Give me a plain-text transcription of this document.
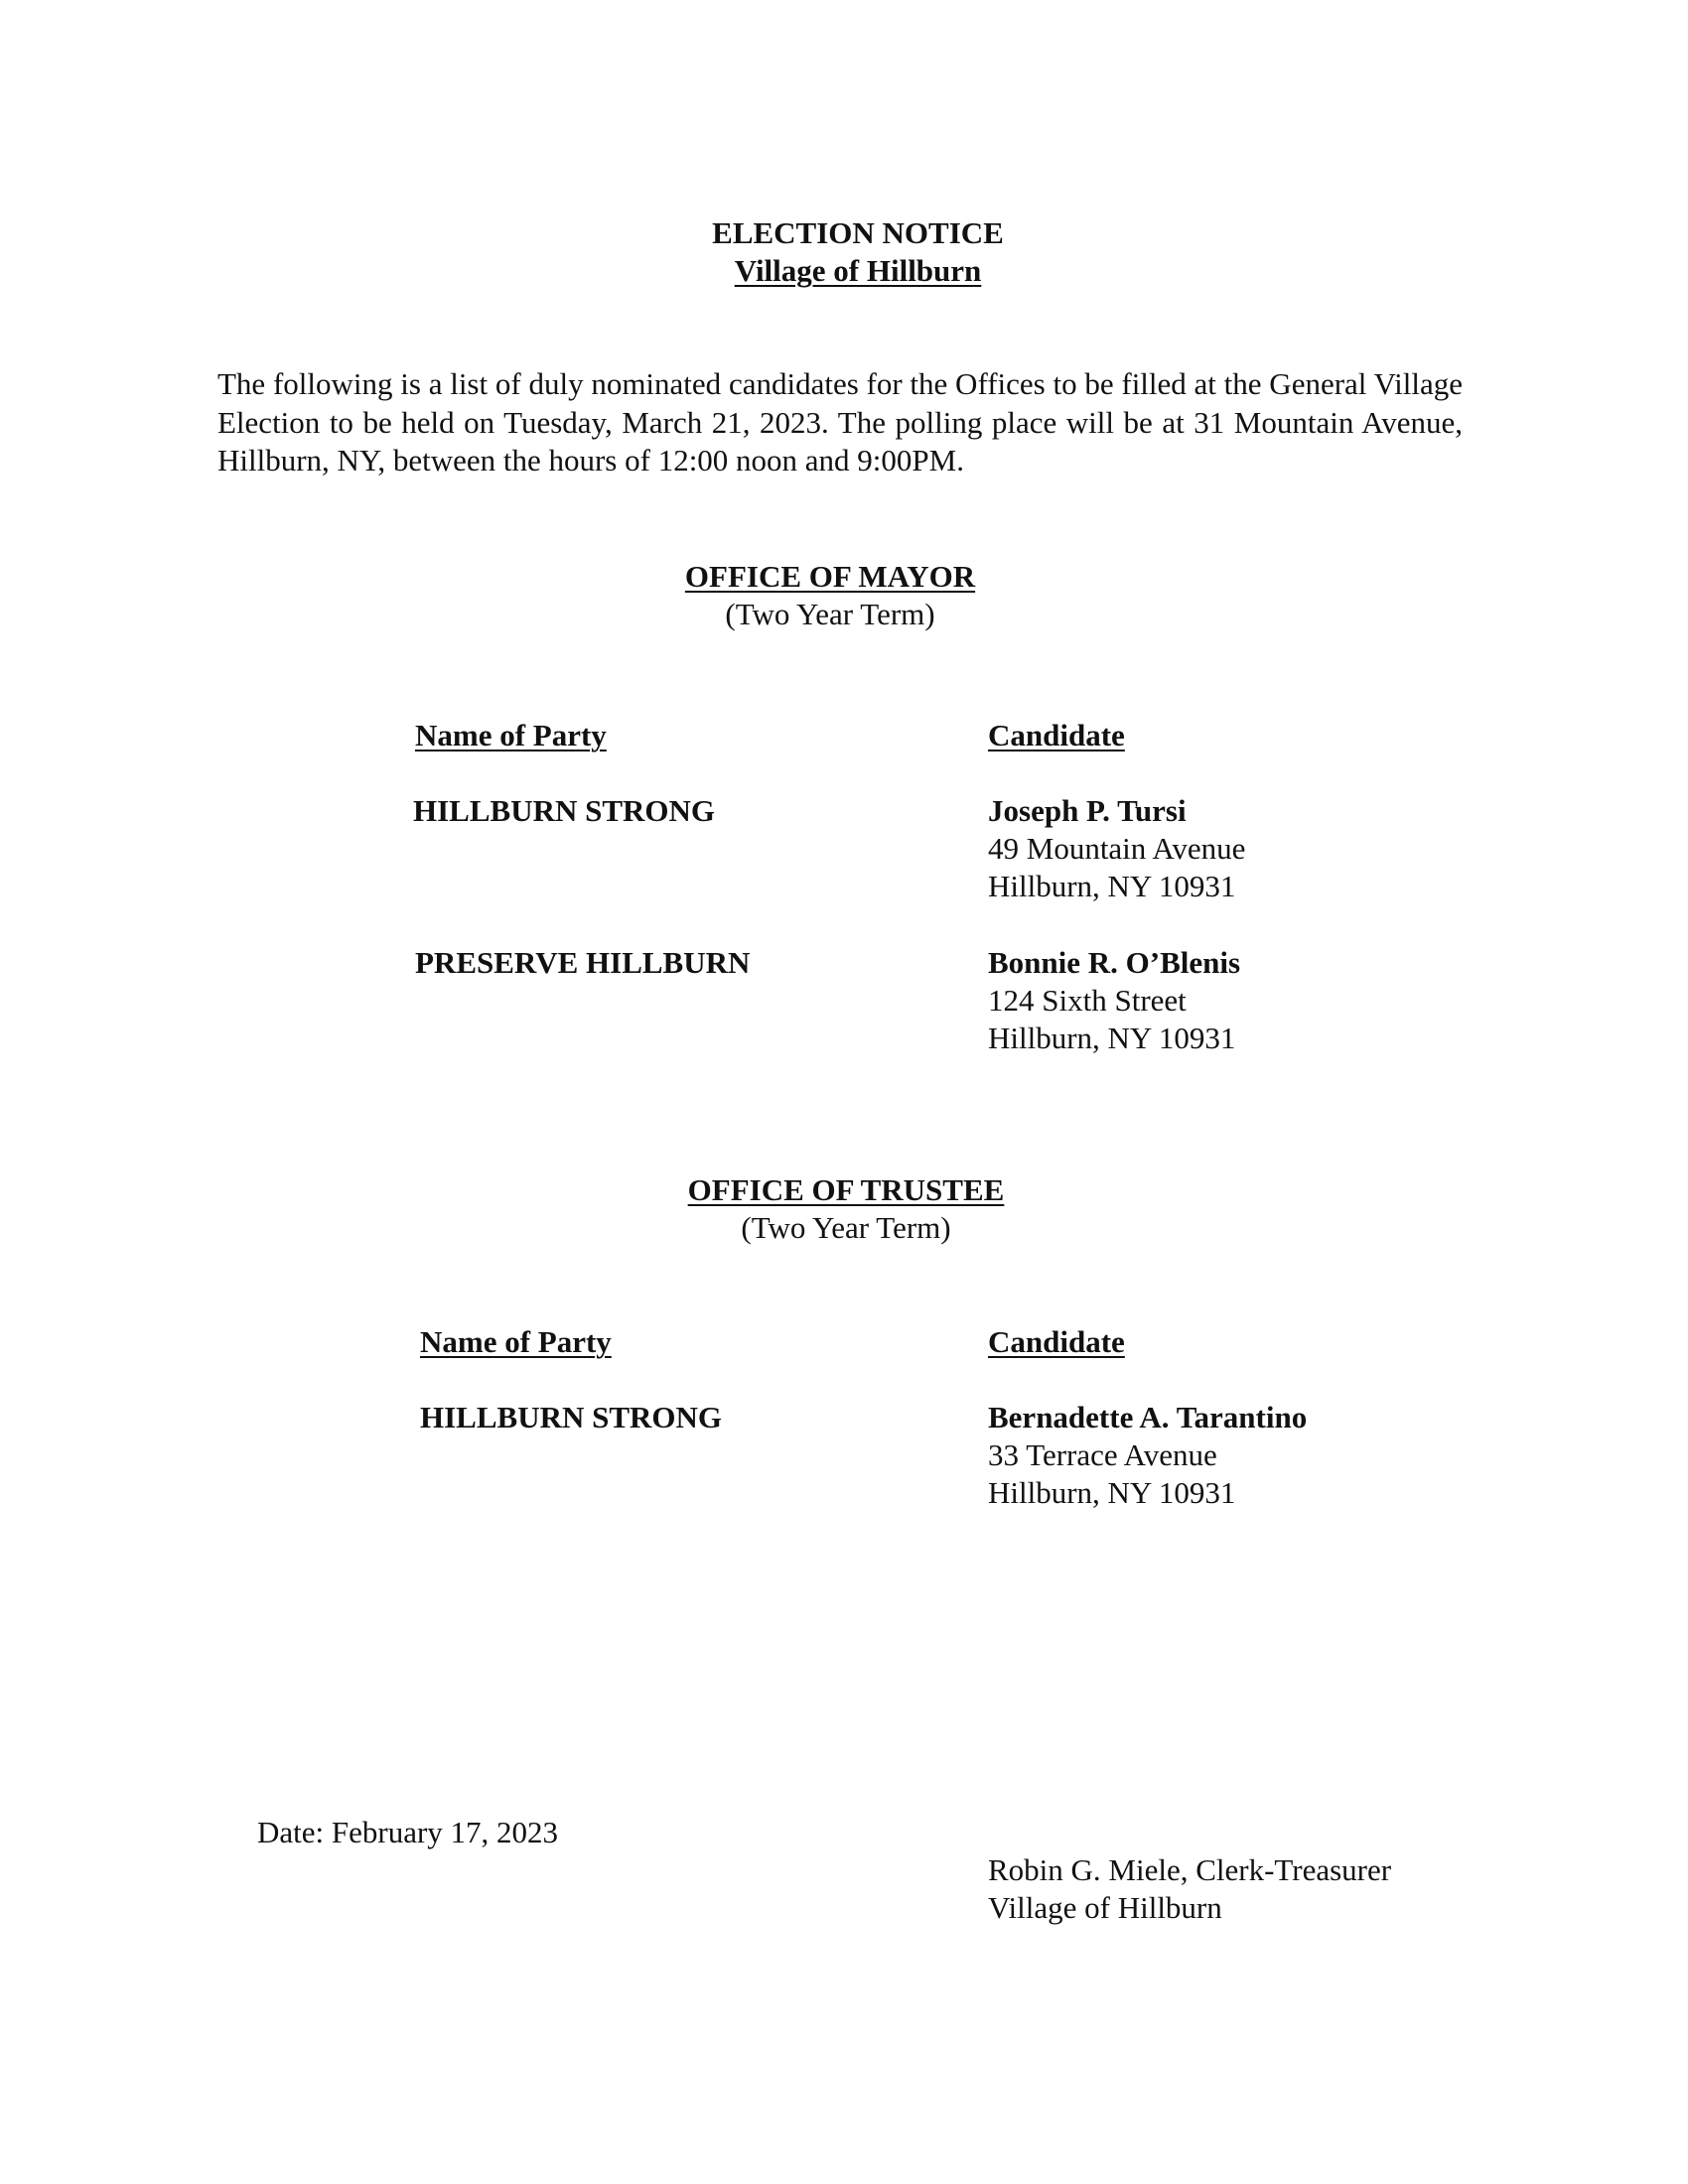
ELECTION NOTICE
Village of Hillburn

The following is a list of duly nominated candidates for the Offices to be filled at the General Village Election to be held on Tuesday, March 21, 2023. The polling place will be at 31 Mountain Avenue, Hillburn, NY, between the hours of 12:00 noon and 9:00PM.

OFFICE OF MAYOR
(Two Year Term)
Name of Party	Candidate
HILLBURN STRONG	Joseph P. Tursi
49 Mountain Avenue
Hillburn, NY 10931
PRESERVE HILLBURN	Bonnie R. O’Blenis
124 Sixth Street
Hillburn, NY 10931
OFFICE OF TRUSTEE
(Two Year Term)
Name of Party	Candidate
HILLBURN STRONG	Bernadette A. Tarantino
33 Terrace Avenue
Hillburn, NY 10931
Date: February 17, 2023
Robin G. Miele, Clerk-Treasurer
Village of Hillburn
